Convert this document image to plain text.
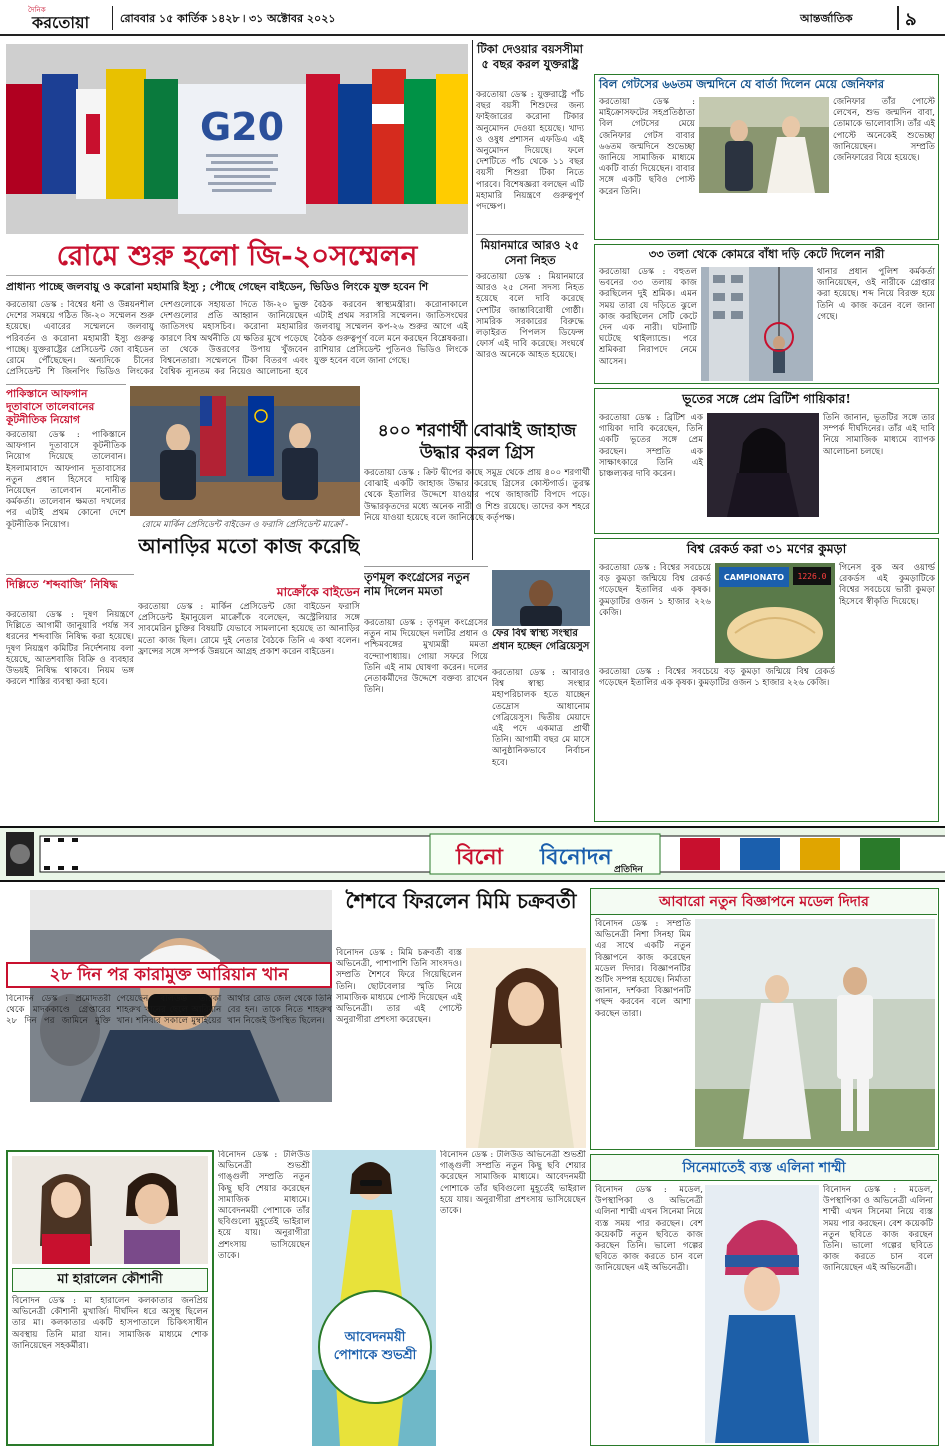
দৈনিক
করতোয়া	রোববার ১৫ কার্তিক ১৪২৮ ৷ ৩১ অক্টোবর ২০২১	আন্তর্জাতিক	৯
G20
রোমে শুরু হলো জি-২০সম্মেলন
প্রাধান্য পাচ্ছে জলবায়ু ও করোনা মহামারি ইস্যু ; পৌছে গেছেন বাইডেন, ভিডিও লিংকে যুক্ত হবেন শি
করতোয়া ডেস্ক : বিশ্বের ধনী ও উন্নয়নশীল দেশের সমন্বয়ে গঠিত জি-২০ সম্মেলন শুরু হয়েছে। এবারের সম্মেলনে জলবায়ু পরিবর্তন ও করোনা মহামারী ইস্যু গুরুত্ব পাচ্ছে। যুক্তরাষ্ট্রের প্রেসিডেন্ট জো বাইডেন রোমে পৌঁছেছেন। অন্যদিকে চীনের প্রেসিডেন্ট শি জিনপিং ভিডিও লিংকের
দেশগুলোকে সহায়তা দিতে জি-২০ ভুক্ত দেশগুলোর প্রতি আহ্বান জানিয়েছেন জাতিসংঘ মহাসচিব। করোনা মহামারির কারণে বিশ্ব অর্থনীতি যে ক্ষতির মুখে পড়েছে তা থেকে উত্তরণের উপায় খুঁজবেন বিশ্বনেতারা। সম্মেলনে টিকা বিতরণ এবং বৈশ্বিক ন্যূনতম কর নিয়েও আলোচনা হবে
বৈঠক করবেন স্বাস্থ্যমন্ত্রীরা। করোনাকালে এটাই প্রথম সরাসরি সম্মেলন। জাতিসংঘের জলবায়ু সম্মেলন কপ-২৬ শুরুর আগে এই বৈঠক গুরুত্বপূর্ণ বলে মনে করছেন বিশ্লেষকরা। রাশিয়ার প্রেসিডেন্ট পুতিনও ভিডিও লিংকে যুক্ত হবেন বলে জানা গেছে।
টিকা দেওয়ার বয়সসীমা ৫ বছর করল যুক্তরাষ্ট্র
করতোয়া ডেস্ক : যুক্তরাষ্ট্রে পাঁচ বছর বয়সী শিশুদের জন্য ফাইজারের করোনা টিকার অনুমোদন দেওয়া হয়েছে। খাদ্য ও ওষুধ প্রশাসন এফডিএ এই অনুমোদন দিয়েছে। ফলে দেশটিতে পাঁচ থেকে ১১ বছর বয়সী শিশুরা টিকা নিতে পারবে। বিশেষজ্ঞরা বলছেন এটি মহামারি নিয়ন্ত্রণে গুরুত্বপূর্ণ পদক্ষেপ।
মিয়ানমারে আরও ২৫ সেনা নিহত
করতোয়া ডেস্ক : মিয়ানমারে আরও ২৫ সেনা সদস্য নিহত হয়েছে বলে দাবি করেছে দেশটির জান্তাবিরোধী গোষ্ঠী। সামরিক সরকারের বিরুদ্ধে লড়াইরত পিপলস ডিফেন্স ফোর্স এই দাবি করেছে। সংঘর্ষে আরও অনেকে আহত হয়েছে।
পাকিস্তানে আফগান দূতাবাসে তালেবানের কূটনীতিক নিয়োগ
করতোয়া ডেস্ক : পাকিস্তানে আফগান দূতাবাসে কূটনীতিক নিয়োগ দিয়েছে তালেবান। ইসলামাবাদে আফগান দূতাবাসের নতুন প্রধান হিসেবে দায়িত্ব নিয়েছেন তালেবান মনোনীত কর্মকর্তা। তালেবান ক্ষমতা দখলের পর এটাই প্রথম কোনো দেশে কূটনীতিক নিয়োগ।	রোমে মার্কিন প্রেসিডেন্ট বাইডেন ও ফরাসি প্রেসিডেন্ট মাক্রোঁ -
৪০০ শরণার্থী বোঝাই জাহাজ উদ্ধার করল গ্রিস
করতোয়া ডেস্ক : ক্রিট দ্বীপের কাছে সমুদ্র থেকে প্রায় ৪০০ শরণার্থী বোঝাই একটি জাহাজ উদ্ধার করেছে গ্রিসের কোস্টগার্ড। তুরস্ক থেকে ইতালির উদ্দেশে যাওয়ার পথে জাহাজটি বিপদে পড়ে। উদ্ধারকৃতদের মধ্যে অনেক নারী ও শিশু রয়েছে। তাদের কস শহরে নিয়ে যাওয়া হয়েছে বলে জানিয়েছে কর্তৃপক্ষ।
দিল্লিতে ‘শব্দবাজি’ নিষিদ্ধ
করতোয়া ডেস্ক : দূষণ নিয়ন্ত্রণে দিল্লিতে আগামী জানুয়ারি পর্যন্ত সব ধরনের শব্দবাজি নিষিদ্ধ করা হয়েছে। দূষণ নিয়ন্ত্রণ কমিটির নির্দেশনায় বলা হয়েছে, আতশবাজি বিক্রি ও ব্যবহার উভয়ই নিষিদ্ধ থাকবে। নিয়ম ভঙ্গ করলে শাস্তির ব্যবস্থা করা হবে।
আনাড়ির মতো কাজ করেছি
মাক্রোঁকে বাইডেন
করতোয়া ডেস্ক : মার্কিন প্রেসিডেন্ট জো বাইডেন ফরাসি প্রেসিডেন্ট ইমানুয়েল মাক্রোঁকে বলেছেন, অস্ট্রেলিয়ার সঙ্গে সাবমেরিন চুক্তির বিষয়টি যেভাবে সামলানো হয়েছে তা আনাড়ির মতো কাজ ছিল। রোমে দুই নেতার বৈঠকে তিনি এ কথা বলেন। ফ্রান্সের সঙ্গে সম্পর্ক উন্নয়নে আগ্রহ প্রকাশ করেন বাইডেন।
তৃণমূল কংগ্রেসের নতুন নাম দিলেন মমতা
করতোয়া ডেস্ক : তৃণমূল কংগ্রেসের নতুন নাম দিয়েছেন দলটির প্রধান ও পশ্চিমবঙ্গের মুখ্যমন্ত্রী মমতা বন্দ্যোপাধ্যায়। গোয়া সফরে গিয়ে তিনি এই নাম ঘোষণা করেন। দলের নেতাকর্মীদের উদ্দেশে বক্তব্য রাখেন তিনি।
ফের বিশ্ব স্বাস্থ্য সংস্থার প্রধান হচ্ছেন গেব্রিয়েসুস
করতোয়া ডেস্ক : আবারও বিশ্ব স্বাস্থ্য সংস্থার মহাপরিচালক হতে যাচ্ছেন তেদ্রোস আধানোম গেব্রিয়েসুস। দ্বিতীয় মেয়াদে এই পদে একমাত্র প্রার্থী তিনি। আগামী বছর মে মাসে আনুষ্ঠানিকভাবে নির্বাচন হবে।
বিল গেটসের ৬৬তম জন্মদিনে যে বার্তা দিলেন মেয়ে জেনিফার
করতোয়া ডেস্ক : মাইক্রোসফটের সহপ্রতিষ্ঠাতা বিল গেটসের মেয়ে জেনিফার গেটস বাবার ৬৬তম জন্মদিনে শুভেচ্ছা জানিয়ে সামাজিক মাধ্যমে একটি বার্তা দিয়েছেন। বাবার সঙ্গে একটি ছবিও পোস্ট করেন তিনি।
জেনিফার তাঁর পোস্টে লেখেন, শুভ জন্মদিন বাবা, তোমাকে ভালোবাসি। তাঁর এই পোস্টে অনেকেই শুভেচ্ছা জানিয়েছেন। সম্প্রতি জেনিফারের বিয়ে হয়েছে।
৩৩ তলা থেকে কোমরে বাঁধা দড়ি কেটে দিলেন নারী
করতোয়া ডেস্ক : বহুতল ভবনের ৩৩ তলায় কাজ করছিলেন দুই শ্রমিক। এমন সময় তারা যে দড়িতে ঝুলে কাজ করছিলেন সেটি কেটে দেন এক নারী। ঘটনাটি ঘটেছে থাইল্যান্ডে। পরে শ্রমিকরা নিরাপদে নেমে আসেন।
থানার প্রধান পুলিশ কর্মকর্তা জানিয়েছেন, ওই নারীকে গ্রেপ্তার করা হয়েছে। শব্দ নিয়ে বিরক্ত হয়ে তিনি এ কাজ করেন বলে জানা গেছে।
ভূতের সঙ্গে প্রেম ব্রিটিশ গায়িকার!
করতোয়া ডেস্ক : ব্রিটিশ এক গায়িকা দাবি করেছেন, তিনি একটি ভূতের সঙ্গে প্রেম করছেন। সম্প্রতি এক সাক্ষাৎকারে তিনি এই চাঞ্চল্যকর দাবি করেন।
তিনি জানান, ভূতটির সঙ্গে তার সম্পর্ক দীর্ঘদিনের। তাঁর এই দাবি নিয়ে সামাজিক মাধ্যমে ব্যাপক আলোচনা চলছে।
বিশ্ব রেকর্ড করা ৩১ মণের কুমড়া
করতোয়া ডেস্ক : বিশ্বের সবচেয়ে বড় কুমড়া জন্মিয়ে বিশ্ব রেকর্ড গড়েছেন ইতালির এক কৃষক। কুমড়াটির ওজন ১ হাজার ২২৬ কেজি।
CAMPIONATO 1226.0
গিনেস বুক অব ওয়ার্ল্ড রেকর্ডস এই কুমড়াটিকে বিশ্বের সবচেয়ে ভারী কুমড়া হিসেবে স্বীকৃতি দিয়েছে।
করতোয়া ডেস্ক : বিশ্বের সবচেয়ে বড় কুমড়া জন্মিয়ে বিশ্ব রেকর্ড গড়েছেন ইতালির এক কৃষক। কুমড়াটির ওজন ১ হাজার ২২৬ কেজি।
বিনো বিনোদন প্রতিদিন
২৮ দিন পর কারামুক্ত আরিয়ান খান
বিনোদন ডেস্ক : প্রমোদতরী থেকে মাদককাণ্ডে গ্রেপ্তারের ২৮ দিন পর জামিনে মুক্তি পেয়েছেন বলিউড তারকা শাহরুখ খানের ছেলে আরিয়ান খান। শনিবার সকালে মুম্বাইয়ের আর্থার রোড জেল থেকে তিনি বের হন। তাকে নিতে শাহরুখ খান নিজেই উপস্থিত ছিলেন।
শৈশবে ফিরলেন মিমি চক্রবর্তী
বিনোদন ডেস্ক : মিমি চক্রবর্তী ব্যস্ত অভিনেত্রী, পাশাপাশি তিনি সাংসদও। সম্প্রতি শৈশবে ফিরে গিয়েছিলেন তিনি। ছোটবেলার স্মৃতি নিয়ে সামাজিক মাধ্যমে পোস্ট দিয়েছেন এই অভিনেত্রী। তার এই পোস্টে অনুরাগীরা প্রশংসা করেছেন।
আবারো নতুন বিজ্ঞাপনে মডেল দিদার
বিনোদন ডেস্ক : সম্প্রতি অভিনেত্রী নিশা সিনহা মিম এর সাথে একটি নতুন বিজ্ঞাপনে কাজ করেছেন মডেল দিদার। বিজ্ঞাপনটির শুটিং সম্পন্ন হয়েছে। নির্মাতা জানান, দর্শকরা বিজ্ঞাপনটি পছন্দ করবেন বলে আশা করছেন তারা।
মা হারালেন কৌশানী
বিনোদন ডেস্ক : মা হারালেন কলকাতার জনপ্রিয় অভিনেত্রী কৌশানী মুখার্জি। দীর্ঘদিন ধরে অসুস্থ ছিলেন তার মা। কলকাতার একটি হাসপাতালে চিকিৎসাধীন অবস্থায় তিনি মারা যান। সামাজিক মাধ্যমে শোক জানিয়েছেন সহকর্মীরা।
বিনোদন ডেস্ক : টলিউড অভিনেত্রী শুভশ্রী গাঙ্গুলী সম্প্রতি নতুন কিছু ছবি শেয়ার করেছেন সামাজিক মাধ্যমে। আবেদনময়ী পোশাকে তাঁর ছবিগুলো মুহূর্তেই ভাইরাল হয়ে যায়। অনুরাগীরা প্রশংসায় ভাসিয়েছেন তাকে।
আবেদনময়ী পোশাকে শুভশ্রী
বিনোদন ডেস্ক : টলিউড অভিনেত্রী শুভশ্রী গাঙ্গুলী সম্প্রতি নতুন কিছু ছবি শেয়ার করেছেন সামাজিক মাধ্যমে। আবেদনময়ী পোশাকে তাঁর ছবিগুলো মুহূর্তেই ভাইরাল হয়ে যায়। অনুরাগীরা প্রশংসায় ভাসিয়েছেন তাকে।
সিনেমাতেই ব্যস্ত এলিনা শাম্মী
বিনোদন ডেস্ক : মডেল, উপস্থাপিকা ও অভিনেত্রী এলিনা শাম্মী এখন সিনেমা নিয়ে ব্যস্ত সময় পার করছেন। বেশ কয়েকটি নতুন ছবিতে কাজ করছেন তিনি। ভালো গল্পের ছবিতে কাজ করতে চান বলে জানিয়েছেন এই অভিনেত্রী।
বিনোদন ডেস্ক : মডেল, উপস্থাপিকা ও অভিনেত্রী এলিনা শাম্মী এখন সিনেমা নিয়ে ব্যস্ত সময় পার করছেন। বেশ কয়েকটি নতুন ছবিতে কাজ করছেন তিনি। ভালো গল্পের ছবিতে কাজ করতে চান বলে জানিয়েছেন এই অভিনেত্রী।
